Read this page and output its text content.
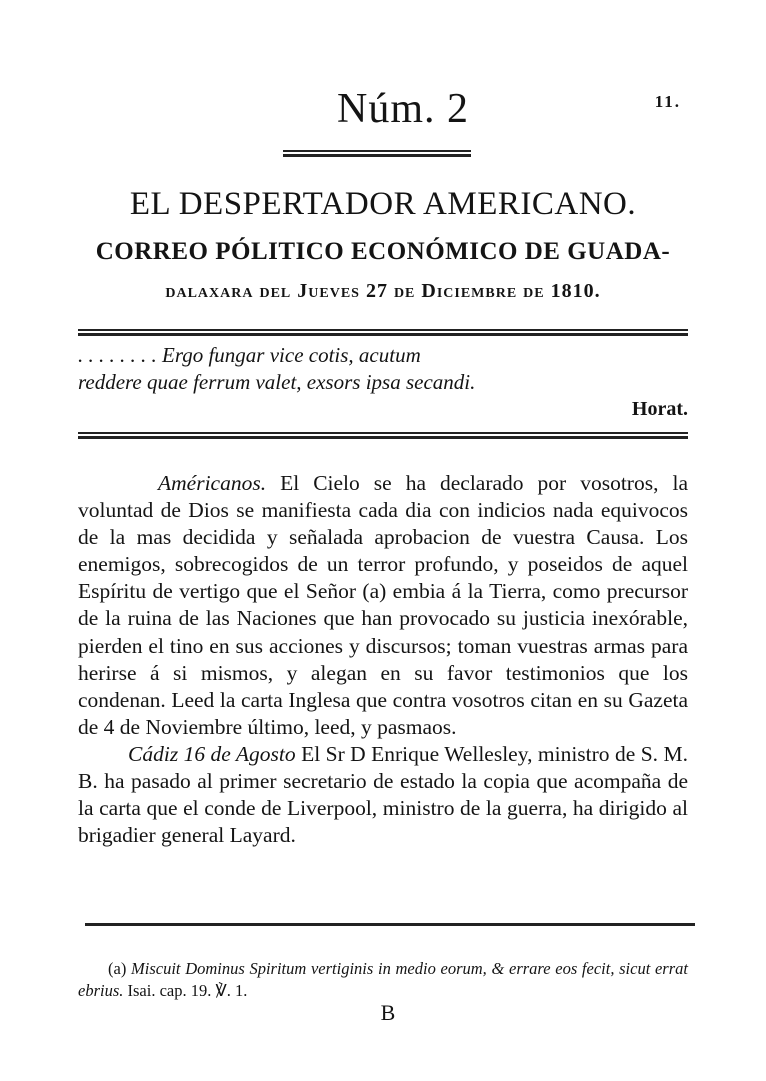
Núm. 2	11.
EL DESPERTADOR AMERICANO.
CORREO PÓLITICO ECONÓMICO DE GUADA-
dalaxara del Jueves 27 de Diciembre de 1810.
. . . . . . . . Ergo fungar vice cotis, acutum
reddere quae ferrum valet, exsors ipsa secandi.
Horat.

Américanos. El Cielo se ha declarado por vosotros, la voluntad de Dios se manifiesta cada dia con indicios nada equivocos de la mas decidida y señalada aprobacion de vuestra Causa. Los enemigos, sobrecogidos de un terror profundo, y poseidos de aquel Espíritu de vertigo que el Señor (a) embia á la Tierra, como precursor de la ruina de las Naciones que han provocado su justicia inexórable, pierden el tino en sus acciones y discursos; toman vuestras armas para herirse á si mismos, y alegan en su favor testimonios que los condenan. Leed la carta Inglesa que contra vosotros citan en su Gazeta de 4 de Noviembre último, leed, y pasmaos.

Cádiz 16 de Agosto El Sr D Enrique Wellesley, ministro de S. M. B. ha pasado al primer secretario de estado la copia que acompaña de la carta que el conde de Liverpool, ministro de la guerra, ha dirigido al brigadier general Layard.

(a) Miscuit Dominus Spiritum vertiginis in medio eorum, & errare eos fecit, sicut errat ebrius. Isai. cap. 19. ℣. 1.

B
